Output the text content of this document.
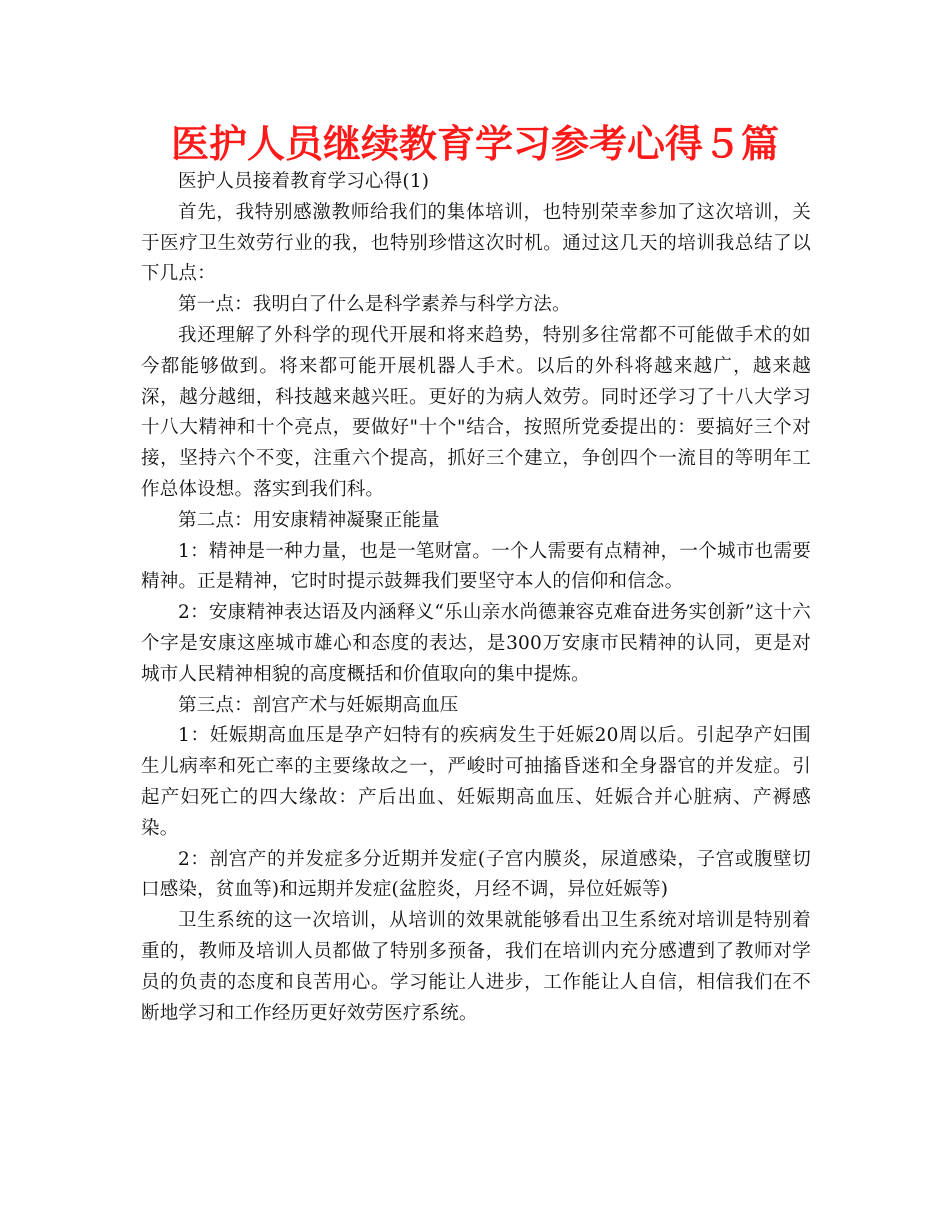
医护人员继续教育学习参考心得５篇

医护人员接着教育学习心得(1)

首先，我特别感激教师给我们的集体培训，也特别荣幸参加了这次培训，关于医疗卫生效劳行业的我，也特别珍惜这次时机。通过这几天的培训我总结了以下几点：

第一点：我明白了什么是科学素养与科学方法。

我还理解了外科学的现代开展和将来趋势，特别多往常都不可能做手术的如今都能够做到。将来都可能开展机器人手术。以后的外科将越来越广，越来越深，越分越细，科技越来越兴旺。更好的为病人效劳。同时还学习了十八大学习十八大精神和十个亮点，要做好"十个"结合，按照所党委提出的：要搞好三个对接，坚持六个不变，注重六个提高，抓好三个建立，争创四个一流目的等明年工作总体设想。落实到我们科。

第二点：用安康精神凝聚正能量

1：精神是一种力量，也是一笔财富。一个人需要有点精神，一个城市也需要精神。正是精神，它时时提示鼓舞我们要坚守本人的信仰和信念。

2：安康精神表达语及内涵释义“乐山亲水尚德兼容克难奋进务实创新”这十六个字是安康这座城市雄心和态度的表达，是300万安康市民精神的认同，更是对城市人民精神相貌的高度概括和价值取向的集中提炼。

第三点：剖宫产术与妊娠期高血压

1：妊娠期高血压是孕产妇特有的疾病发生于妊娠20周以后。引起孕产妇围生儿病率和死亡率的主要缘故之一，严峻时可抽搐昏迷和全身器官的并发症。引起产妇死亡的四大缘故：产后出血、妊娠期高血压、妊娠合并心脏病、产褥感染。

2：剖宫产的并发症多分近期并发症(子宫内膜炎，尿道感染，子宫或腹壁切口感染，贫血等)和远期并发症(盆腔炎，月经不调，异位妊娠等)

卫生系统的这一次培训，从培训的效果就能够看出卫生系统对培训是特别着重的，教师及培训人员都做了特别多预备，我们在培训内充分感遭到了教师对学员的负责的态度和良苦用心。学习能让人进步，工作能让人自信，相信我们在不断地学习和工作经历更好效劳医疗系统。
